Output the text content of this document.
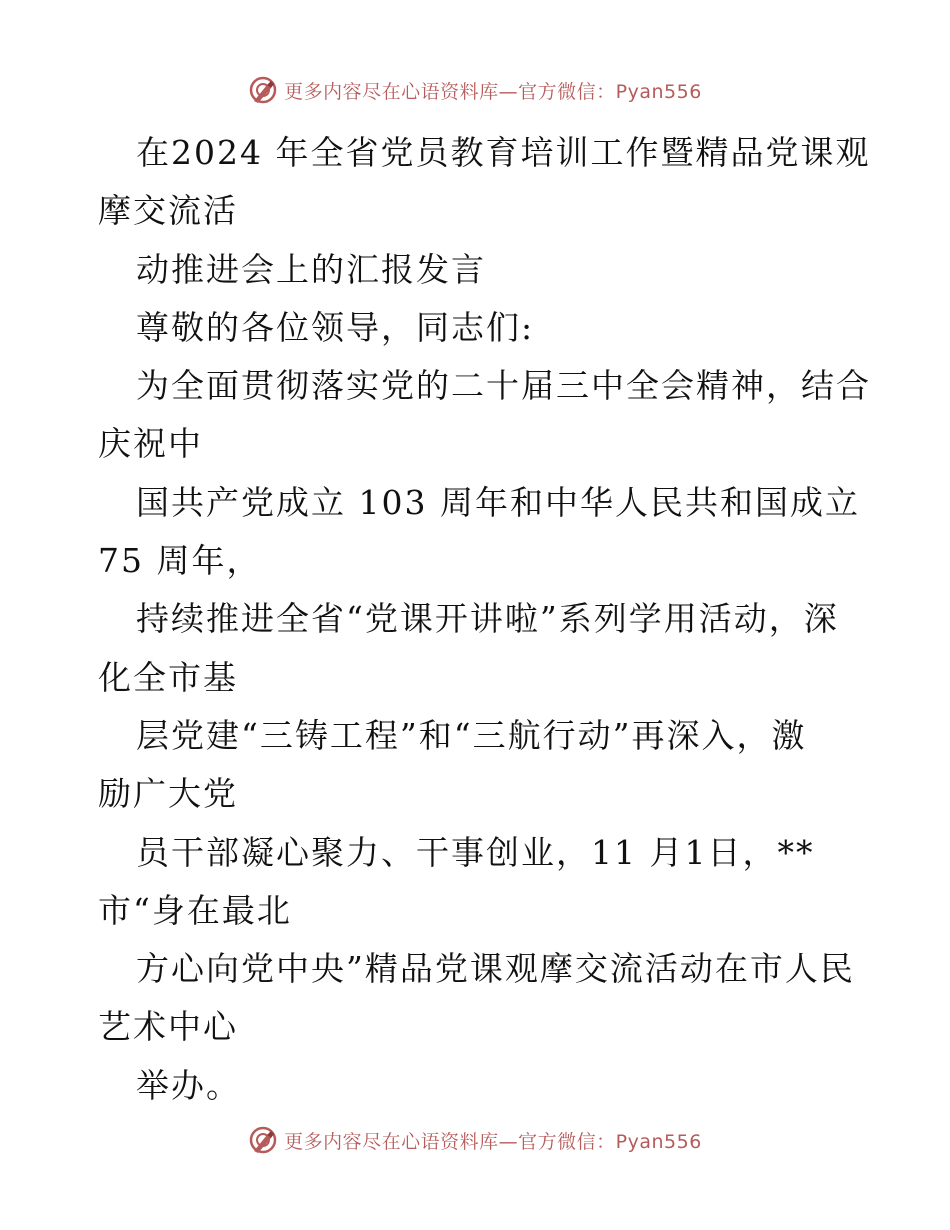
更多内容尽在心语资料库—官方微信：Pyan556
在2024 年全省党员教育培训工作暨精品党课观
摩交流活
动推进会上的汇报发言
尊敬的各位领导，同志们:
为全面贯彻落实党的二十届三中全会精神，结合
庆祝中
国共产党成立 103 周年和中华人民共和国成立
75 周年，
持续推进全省“党课开讲啦”系列学用活动，深
化全市基
层党建“三铸工程”和“三航行动”再深入，激
励广大党
员干部凝心聚力、干事创业，11 月1日，**
市“身在最北
方心向党中央”精品党课观摩交流活动在市人民
艺术中心
举办。
更多内容尽在心语资料库—官方微信：Pyan556
